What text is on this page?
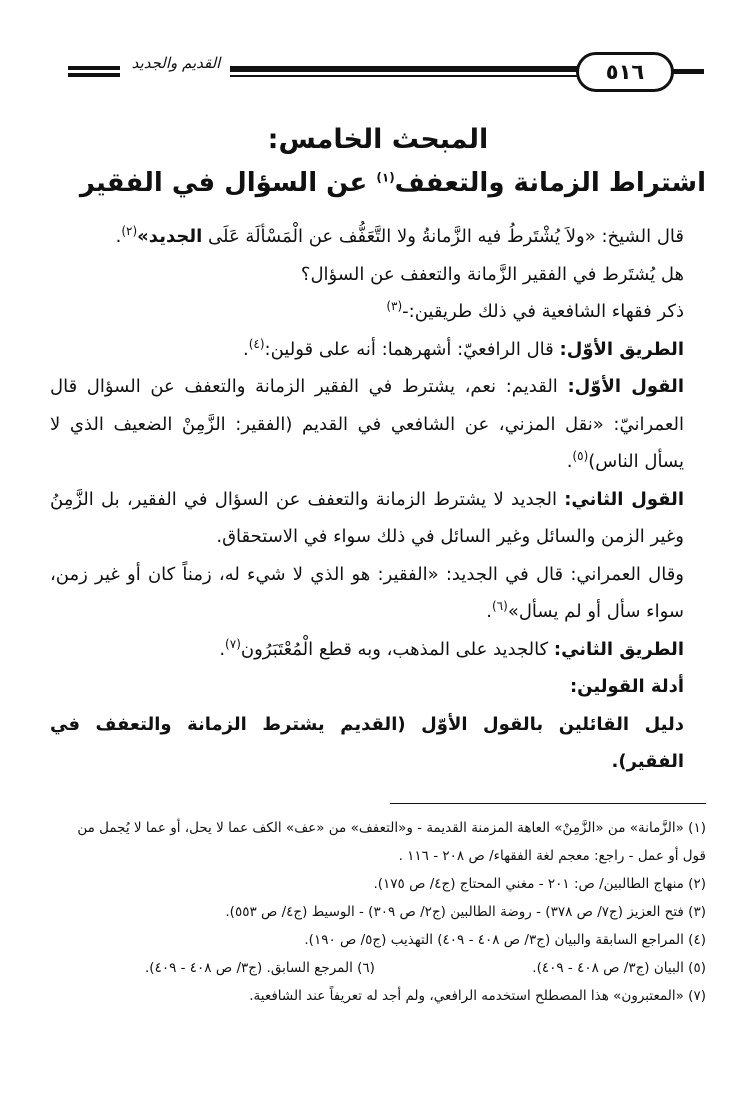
القديم والجديد	٥١٦
المبحث الخامس:
اشتراط الزمانة والتعفف$^{(١)}$ عن السؤال في الفقير

قال الشيخ: «ولاَ يُشْتَرطُ فيه الزَّمانةُ ولا التَّعَفُّف عن الْمَسْألَة عَلَى الجديد»$^{(٢)}$.

هل يُشتَرط في الفقير الزَّمانة والتعفف عن السؤال؟

ذكر فقهاء الشافعية في ذلك طريقين:-$^{(٣)}$

الطريق الأوّل: قال الرافعيّ: أشهرهما: أنه على قولين:$^{(٤)}$.

القول الأوّل: القديم: نعم، يشترط في الفقير الزمانة والتعفف عن السؤال قال العمرانيّ: «نقل المزني، عن الشافعي في القديم (الفقير: الزَّمِنْ الضعيف الذي لا يسأل الناس)$^{(٥)}$.

القول الثاني: الجديد لا يشترط الزمانة والتعفف عن السؤال في الفقير، بل الزَّمِنُ وغير الزمن والسائل وغير السائل في ذلك سواء في الاستحقاق.

وقال العمراني: قال في الجديد: «الفقير: هو الذي لا شيء له، زمناً كان أو غير زمن، سواء سأل أو لم يسأل»$^{(٦)}$.

الطريق الثاني: كالجديد على المذهب، وبه قطع الْمُعْتَبَرُون$^{(٧)}$.

أدلة القولين:

دليل القائلين بالقول الأوّل (القديم يشترط الزمانة والتعفف في الفقير).

(١) «الزَّمانة» من «الزَّمِنْ» العاهة المزمنة القديمة - و«التعفف» من «عف» الكف عما لا يحل، أو عما لا يُجمل من قول أو عمل - راجع: معجم لغة الفقهاء/ ص ٢٠٨ - ١١٦ .

(٢) منهاج الطالبين/ ص: ٢٠١ - مغني المحتاج (ج٤/ ص ١٧٥).

(٣) فتح العزيز (ج٧/ ص ٣٧٨) - روضة الطالبين (ج٢/ ص ٣٠٩) - الوسيط (ج٤/ ص ٥٥٣).

(٤) المراجع السابقة والبيان (ج٣/ ص ٤٠٨ - ٤٠٩) التهذيب (ج٥/ ص ١٩٠).

(٥) البيان (ج٣/ ص ٤٠٨ - ٤٠٩).
(٦) المرجع السابق. (ج٣/ ص ٤٠٨ - ٤٠٩).

(٧) «المعتبرون» هذا المصطلح استخدمه الرافعي، ولم أجد له تعريفاً عند الشافعية.
